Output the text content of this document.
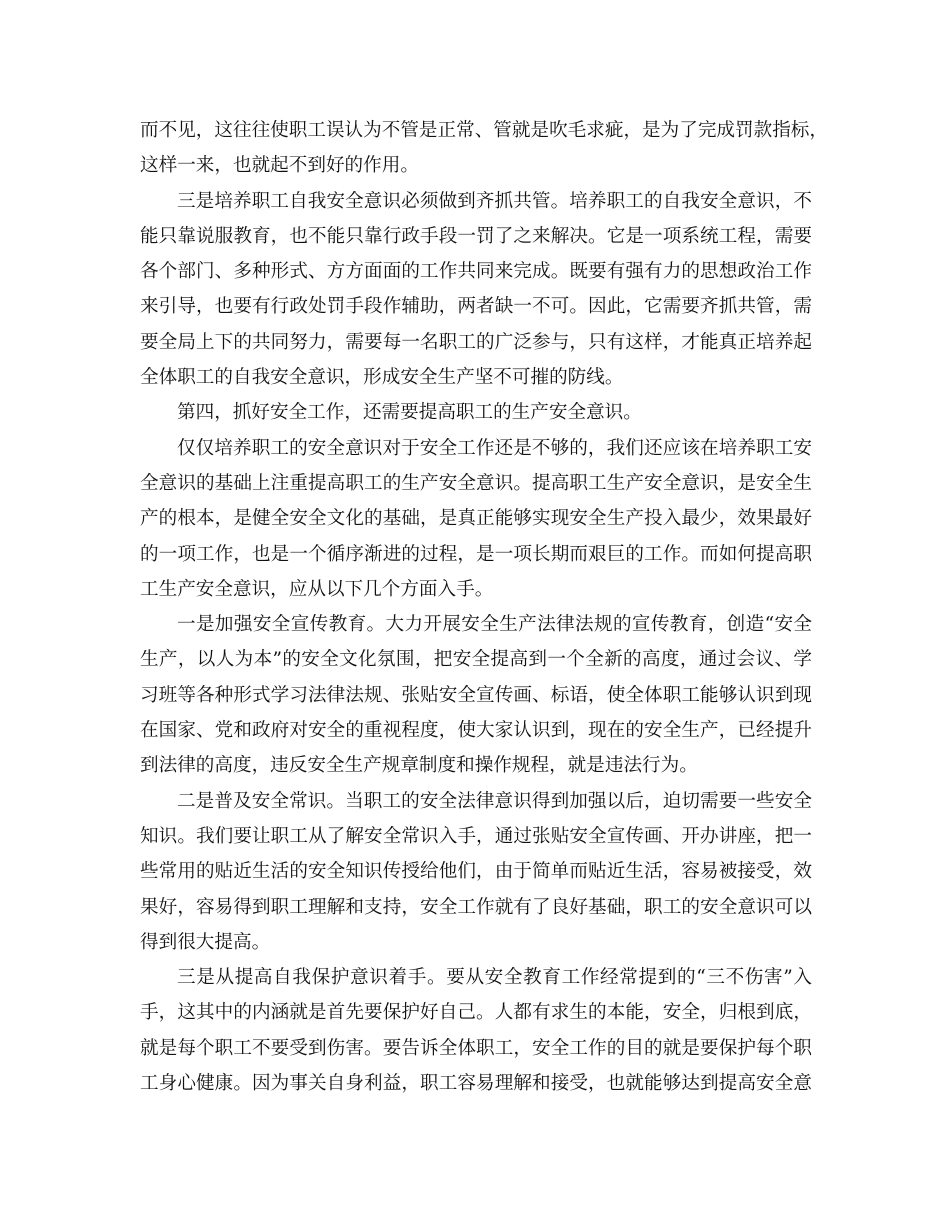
而不见，这往往使职工误认为不管是正常、管就是吹毛求疵，是为了完成罚款指标，
这样一来，也就起不到好的作用。
三是培养职工自我安全意识必须做到齐抓共管。培养职工的自我安全意识，不
能只靠说服教育，也不能只靠行政手段一罚了之来解决。它是一项系统工程，需要
各个部门、多种形式、方方面面的工作共同来完成。既要有强有力的思想政治工作
来引导，也要有行政处罚手段作辅助，两者缺一不可。因此，它需要齐抓共管，需
要全局上下的共同努力，需要每一名职工的广泛参与，只有这样，才能真正培养起
全体职工的自我安全意识，形成安全生产坚不可摧的防线。
第四，抓好安全工作，还需要提高职工的生产安全意识。
仅仅培养职工的安全意识对于安全工作还是不够的，我们还应该在培养职工安
全意识的基础上注重提高职工的生产安全意识。提高职工生产安全意识，是安全生
产的根本，是健全安全文化的基础，是真正能够实现安全生产投入最少，效果最好
的一项工作，也是一个循序渐进的过程，是一项长期而艰巨的工作。而如何提高职
工生产安全意识，应从以下几个方面入手。
一是加强安全宣传教育。大力开展安全生产法律法规的宣传教育，创造“安全
生产，以人为本”的安全文化氛围，把安全提高到一个全新的高度，通过会议、学
习班等各种形式学习法律法规、张贴安全宣传画、标语，使全体职工能够认识到现
在国家、党和政府对安全的重视程度，使大家认识到，现在的安全生产，已经提升
到法律的高度，违反安全生产规章制度和操作规程，就是违法行为。
二是普及安全常识。当职工的安全法律意识得到加强以后，迫切需要一些安全
知识。我们要让职工从了解安全常识入手，通过张贴安全宣传画、开办讲座，把一
些常用的贴近生活的安全知识传授给他们，由于简单而贴近生活，容易被接受，效
果好，容易得到职工理解和支持，安全工作就有了良好基础，职工的安全意识可以
得到很大提高。
三是从提高自我保护意识着手。要从安全教育工作经常提到的“三不伤害”入
手，这其中的内涵就是首先要保护好自己。人都有求生的本能，安全，归根到底，
就是每个职工不要受到伤害。要告诉全体职工，安全工作的目的就是要保护每个职
工身心健康。因为事关自身利益，职工容易理解和接受，也就能够达到提高安全意
